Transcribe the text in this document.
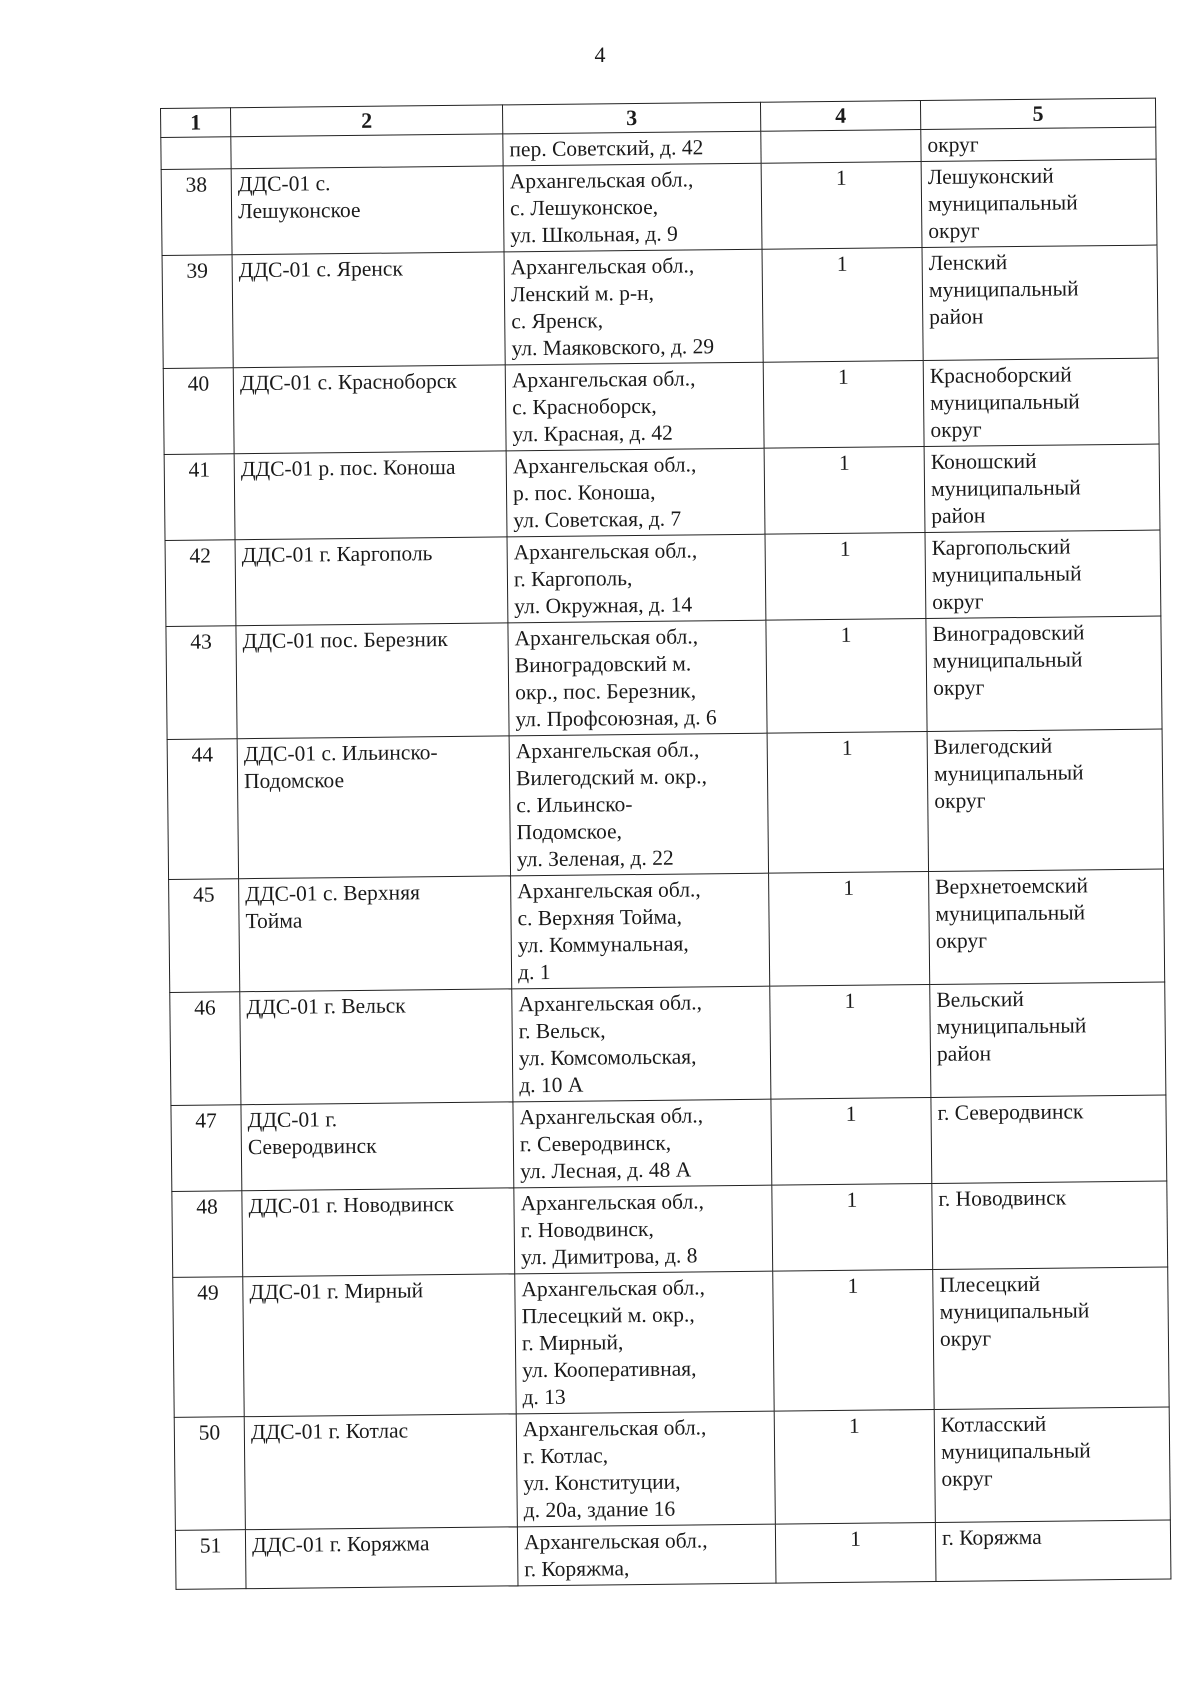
4
1	2	3	4	5

		пер. Советский, д. 42		округ

38	ДДС-01 с.
Лешуконское	Архангельская обл.,
с. Лешуконское,
ул. Школьная, д. 9	1	Лешуконский
муниципальный
округ

39	ДДС-01 с. Яренск	Архангельская обл.,
Ленский м. р-н,
с. Яренск,
ул. Маяковского, д. 29	1	Ленский
муниципальный
район

40	ДДС-01 с. Красноборск	Архангельская обл.,
с. Красноборск,
ул. Красная, д. 42	1	Красноборский
муниципальный
округ

41	ДДС-01 р. пос. Коноша	Архангельская обл.,
р. пос. Коноша,
ул. Советская, д. 7	1	Коношский
муниципальный
район

42	ДДС-01 г. Каргополь	Архангельская обл.,
г. Каргополь,
ул. Окружная, д. 14	1	Каргопольский
муниципальный
округ

43	ДДС-01 пос. Березник	Архангельская обл.,
Виноградовский м.
окр., пос. Березник,
ул. Профсоюзная, д. 6	1	Виноградовский
муниципальный
округ

44	ДДС-01 с. Ильинско-
Подомское	Архангельская обл.,
Вилегодский м. окр.,
с. Ильинско-
Подомское,
ул. Зеленая, д. 22	1	Вилегодский
муниципальный
округ

45	ДДС-01 с. Верхняя
Тойма	Архангельская обл.,
с. Верхняя Тойма,
ул. Коммунальная,
д. 1	1	Верхнетоемский
муниципальный
округ

46	ДДС-01 г. Вельск	Архангельская обл.,
г. Вельск,
ул. Комсомольская,
д. 10 А	1	Вельский
муниципальный
район

47	ДДС-01 г.
Северодвинск	Архангельская обл.,
г. Северодвинск,
ул. Лесная, д. 48 А	1	г. Северодвинск

48	ДДС-01 г. Новодвинск	Архангельская обл.,
г. Новодвинск,
ул. Димитрова, д. 8	1	г. Новодвинск

49	ДДС-01 г. Мирный	Архангельская обл.,
Плесецкий м. окр.,
г. Мирный,
ул. Кооперативная,
д. 13	1	Плесецкий
муниципальный
округ

50	ДДС-01 г. Котлас	Архангельская обл.,
г. Котлас,
ул. Конституции,
д. 20а, здание 16	1	Котласский
муниципальный
округ

51	ДДС-01 г. Коряжма	Архангельская обл.,
г. Коряжма,	1	г. Коряжма
